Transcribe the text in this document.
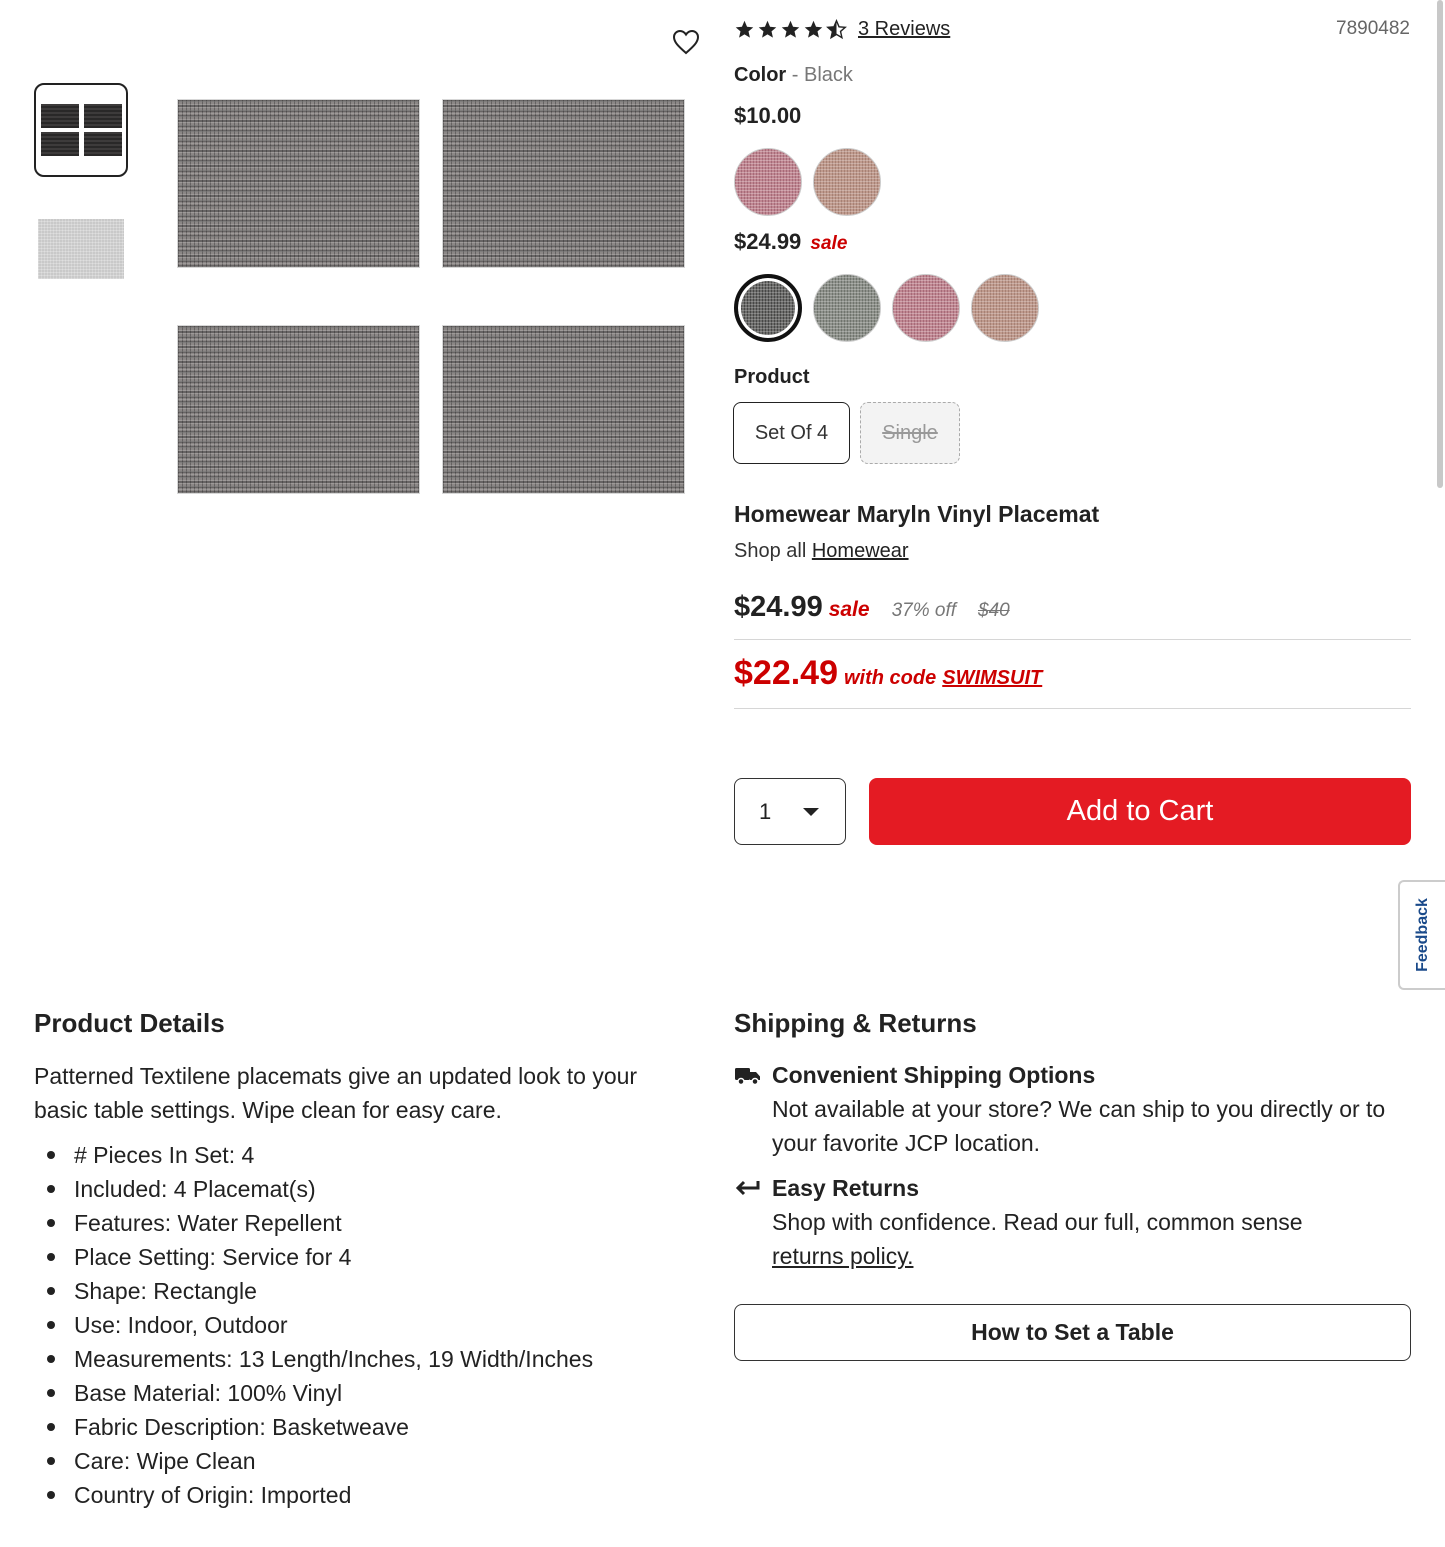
3 Reviews	7890482
Color - Black
$10.00
$24.99 sale
Product
Set Of 4	Single
Homewear Maryln Vinyl Placemat
Shop all Homewear
$24.99 sale 37% off $40
$22.49 with code SWIMSUIT
1	Add to Cart
Feedback
Product Details
Patterned Textilene placemats give an updated look to your basic table settings. Wipe clean for easy care.
# Pieces In Set: 4
Included: 4 Placemat(s)
Features: Water Repellent
Place Setting: Service for 4
Shape: Rectangle
Use: Indoor, Outdoor
Measurements: 13 Length/Inches, 19 Width/Inches
Base Material: 100% Vinyl
Fabric Description: Basketweave
Care: Wipe Clean
Country of Origin: Imported
Shipping & Returns
Convenient Shipping Options
Not available at your store? We can ship to you directly or to your favorite JCP location.
Easy Returns
Shop with confidence. Read our full, common sense
returns policy.
How to Set a Table
